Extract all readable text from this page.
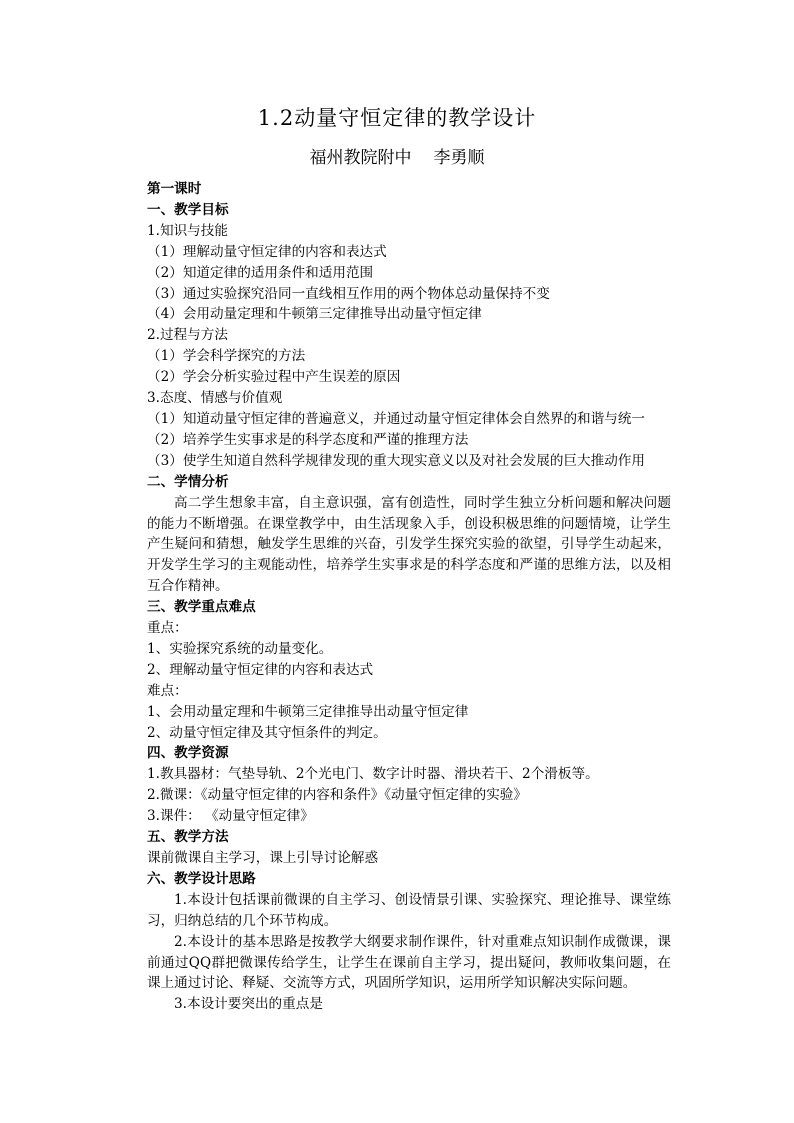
1.2动量守恒定律的教学设计
福州教院附中 李勇顺

第一课时

一、教学目标

1.知识与技能

（1）理解动量守恒定律的内容和表达式

（2）知道定律的适用条件和适用范围

（3）通过实验探究沿同一直线相互作用的两个物体总动量保持不变

（4）会用动量定理和牛顿第三定律推导出动量守恒定律

2.过程与方法

（1）学会科学探究的方法

（2）学会分析实验过程中产生误差的原因

3.态度、情感与价值观

（1）知道动量守恒定律的普遍意义，并通过动量守恒定律体会自然界的和谐与统一

（2）培养学生实事求是的科学态度和严谨的推理方法

（3）使学生知道自然科学规律发现的重大现实意义以及对社会发展的巨大推动作用

二、学情分析

高二学生想象丰富，自主意识强，富有创造性，同时学生独立分析问题和解决问题的能力不断增强。在课堂教学中，由生活现象入手，创设积极思维的问题情境，让学生产生疑问和猜想，触发学生思维的兴奋，引发学生探究实验的欲望，引导学生动起来，开发学生学习的主观能动性，培养学生实事求是的科学态度和严谨的思维方法，以及相互合作精神。

三、教学重点难点

重点：

1、实验探究系统的动量变化。

2、理解动量守恒定律的内容和表达式

难点：

1、会用动量定理和牛顿第三定律推导出动量守恒定律

2、动量守恒定律及其守恒条件的判定。

四、教学资源

1.教具器材：气垫导轨、2个光电门、数字计时器、滑块若干、2个滑板等。

2.微课：《动量守恒定律的内容和条件》《动量守恒定律的实验》

3.课件： 《动量守恒定律》

五、教学方法

课前微课自主学习，课上引导讨论解惑

六、教学设计思路

1.本设计包括课前微课的自主学习、创设情景引课、实验探究、理论推导、课堂练习，归纳总结的几个环节构成。

2.本设计的基本思路是按教学大纲要求制作课件，针对重难点知识制作成微课，课前通过QQ群把微课传给学生，让学生在课前自主学习，提出疑问，教师收集问题，在课上通过讨论、释疑、交流等方式，巩固所学知识，运用所学知识解决实际问题。

3.本设计要突出的重点是
